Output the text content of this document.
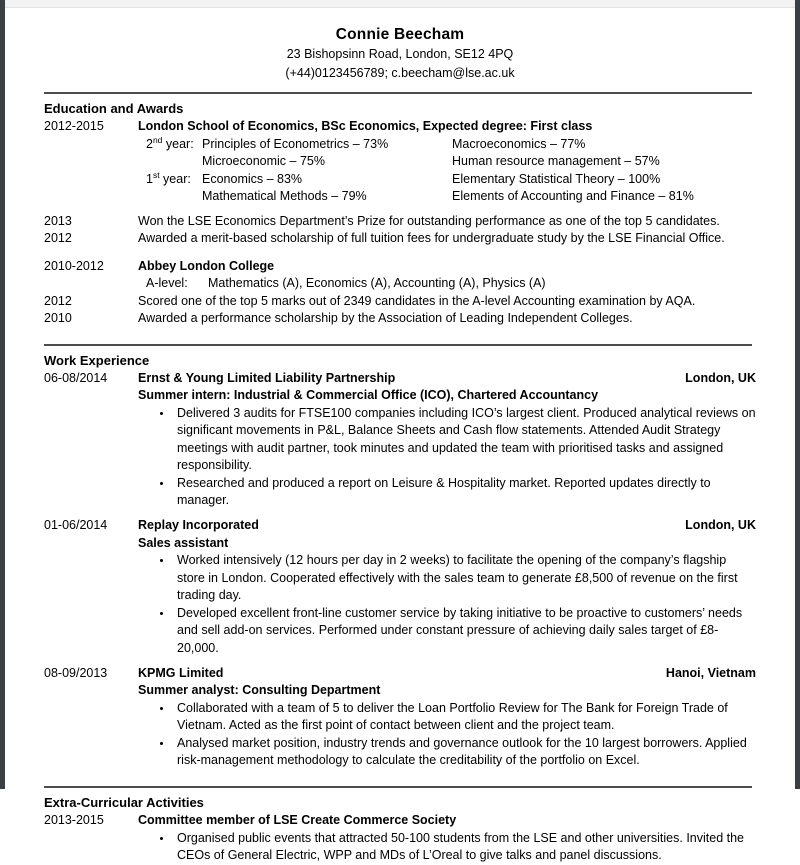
Connie Beecham
23 Bishopsinn Road, London, SE12 4PQ
(+44)0123456789; c.beecham@lse.ac.uk
Education and Awards
2012-2015	London School of Economics, BSc Economics, Expected degree: First class
2nd year: Principles of Econometrics – 73%	Macroeconomics – 77%
Microeconomic – 75%	Human resource management – 57%
1st year: Economics – 83%	Elementary Statistical Theory – 100%
Mathematical Methods – 79%	Elements of Accounting and Finance – 81%
2013	Won the LSE Economics Department’s Prize for outstanding performance as one of the top 5 candidates.
2012	Awarded a merit-based scholarship of full tuition fees for undergraduate study by the LSE Financial Office.
2010-2012	Abbey London College
A-level:	Mathematics (A), Economics (A), Accounting (A), Physics (A)
2012	Scored one of the top 5 marks out of 2349 candidates in the A-level Accounting examination by AQA.
2010	Awarded a performance scholarship by the Association of Leading Independent Colleges.
Work Experience
06-08/2014	Ernst & Young Limited Liability Partnership	London, UK
Summer intern: Industrial & Commercial Office (ICO), Chartered Accountancy
Delivered 3 audits for FTSE100 companies including ICO’s largest client. Produced analytical reviews on significant movements in P&L, Balance Sheets and Cash flow statements. Attended Audit Strategy meetings with audit partner, took minutes and updated the team with prioritised tasks and assigned responsibility.
Researched and produced a report on Leisure & Hospitality market. Reported updates directly to manager.
01-06/2014	Replay Incorporated	London, UK
Sales assistant
Worked intensively (12 hours per day in 2 weeks) to facilitate the opening of the company’s flagship store in London. Cooperated effectively with the sales team to generate £8,500 of revenue on the first trading day.
Developed excellent front-line customer service by taking initiative to be proactive to customers’ needs and sell add-on services. Performed under constant pressure of achieving daily sales target of £8-20,000.
08-09/2013	KPMG Limited	Hanoi, Vietnam
Summer analyst: Consulting Department
Collaborated with a team of 5 to deliver the Loan Portfolio Review for The Bank for Foreign Trade of Vietnam. Acted as the first point of contact between client and the project team.
Analysed market position, industry trends and governance outlook for the 10 largest borrowers. Applied risk-management methodology to calculate the creditability of the portfolio on Excel.
Extra-Curricular Activities
2013-2015	Committee member of LSE Create Commerce Society
Organised public events that attracted 50-100 students from the LSE and other universities. Invited the CEOs of General Electric, WPP and MDs of L’Oreal to give talks and panel discussions.
